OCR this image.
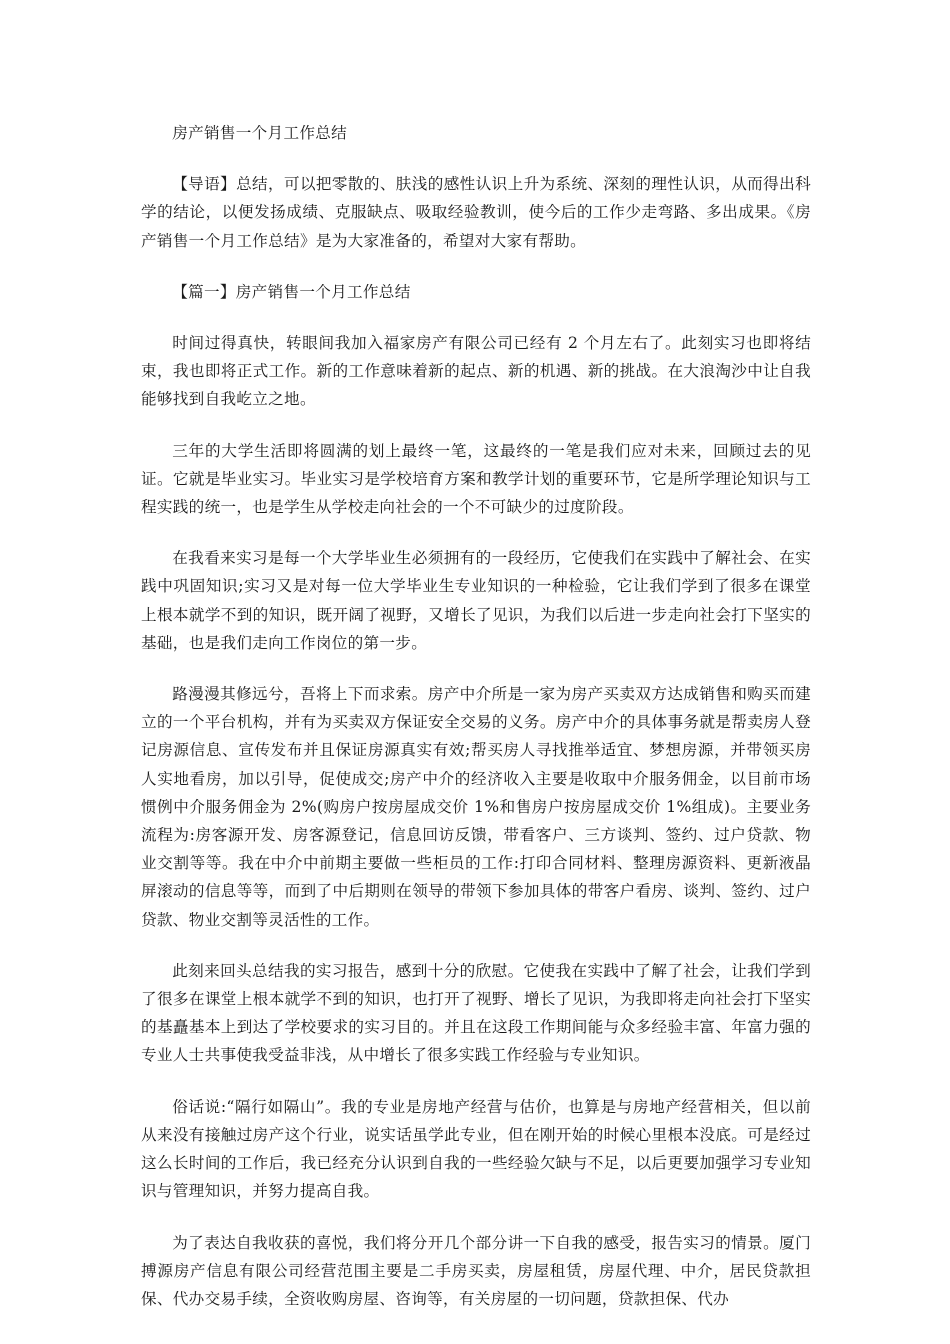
房产销售一个月工作总结

【导语】总结，可以把零散的、肤浅的感性认识上升为系统、深刻的理性认识，从而得出科学的结论，以便发扬成绩、克服缺点、吸取经验教训，使今后的工作少走弯路、多出成果。《房产销售一个月工作总结》是为大家准备的，希望对大家有帮助。

【篇一】房产销售一个月工作总结

时间过得真快，转眼间我加入福家房产有限公司已经有 2 个月左右了。此刻实习也即将结束，我也即将正式工作。新的工作意味着新的起点、新的机遇、新的挑战。在大浪淘沙中让自我能够找到自我屹立之地。

三年的大学生活即将圆满的划上最终一笔，这最终的一笔是我们应对未来，回顾过去的见证。它就是毕业实习。毕业实习是学校培育方案和教学计划的重要环节，它是所学理论知识与工程实践的统一，也是学生从学校走向社会的一个不可缺少的过度阶段。

在我看来实习是每一个大学毕业生必须拥有的一段经历，它使我们在实践中了解社会、在实践中巩固知识;实习又是对每一位大学毕业生专业知识的一种检验，它让我们学到了很多在课堂上根本就学不到的知识，既开阔了视野，又增长了见识，为我们以后进一步走向社会打下坚实的基础，也是我们走向工作岗位的第一步。

路漫漫其修远兮，吾将上下而求索。房产中介所是一家为房产买卖双方达成销售和购买而建立的一个平台机构，并有为买卖双方保证安全交易的义务。房产中介的具体事务就是帮卖房人登记房源信息、宣传发布并且保证房源真实有效;帮买房人寻找推举适宜、梦想房源，并带领买房人实地看房，加以引导，促使成交;房产中介的经济收入主要是收取中介服务佣金，以目前市场惯例中介服务佣金为 2%(购房户按房屋成交价 1%和售房户按房屋成交价 1%组成)。主要业务流程为:房客源开发、房客源登记，信息回访反馈，带看客户、三方谈判、签约、过户贷款、物业交割等等。我在中介中前期主要做一些柜员的工作:打印合同材料、整理房源资料、更新液晶屏滚动的信息等等，而到了中后期则在领导的带领下参加具体的带客户看房、谈判、签约、过户贷款、物业交割等灵活性的工作。

此刻来回头总结我的实习报告，感到十分的欣慰。它使我在实践中了解了社会，让我们学到了很多在课堂上根本就学不到的知识，也打开了视野、增长了见识，为我即将走向社会打下坚实的基矗基本上到达了学校要求的实习目的。并且在这段工作期间能与众多经验丰富、年富力强的专业人士共事使我受益非浅，从中增长了很多实践工作经验与专业知识。

俗话说:“隔行如隔山”。我的专业是房地产经营与估价，也算是与房地产经营相关，但以前从来没有接触过房产这个行业，说实话虽学此专业，但在刚开始的时候心里根本没底。可是经过这么长时间的工作后，我已经充分认识到自我的一些经验欠缺与不足，以后更要加强学习专业知识与管理知识，并努力提高自我。

为了表达自我收获的喜悦，我们将分开几个部分讲一下自我的感受，报告实习的情景。厦门搏源房产信息有限公司经营范围主要是二手房买卖，房屋租赁，房屋代理、中介，居民贷款担保、代办交易手续，全资收购房屋、咨询等，有关房屋的一切问题，贷款担保、代办
